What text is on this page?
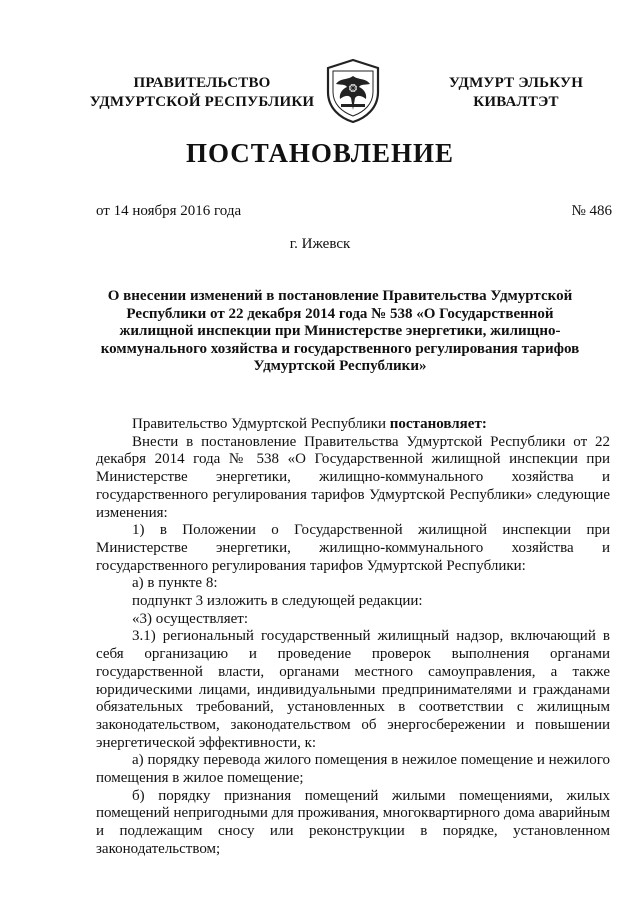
ПРАВИТЕЛЬСТВО
УДМУРТСКОЙ РЕСПУБЛИКИ
УДМУРТ ЭЛЬКУН
КИВАЛТЭТ
ПОСТАНОВЛЕНИЕ
от 14 ноября 2016 года	№ 486
г. Ижевск
О внесении изменений в постановление Правительства Удмуртской Республики от 22 декабря 2014 года № 538 «О Государственной жилищной инспекции при Министерстве энергетики, жилищно-коммунального хозяйства и государственного регулирования тарифов Удмуртской Республики»

Правительство Удмуртской Республики постановляет:

Внести в постановление Правительства Удмуртской Республики от 22 декабря 2014 года № 538 «О Государственной жилищной инспекции при Министерстве энергетики, жилищно-коммунального хозяйства и государственного регулирования тарифов Удмуртской Республики» следующие изменения:

1) в Положении о Государственной жилищной инспекции при Министерстве энергетики, жилищно-коммунального хозяйства и государственного регулирования тарифов Удмуртской Республики:

а) в пункте 8:

подпункт 3 изложить в следующей редакции:

«3) осуществляет:

3.1) региональный государственный жилищный надзор, включающий в себя организацию и проведение проверок выполнения органами государственной власти, органами местного самоуправления, а также юридическими лицами, индивидуальными предпринимателями и гражданами обязательных требований, установленных в соответствии с жилищным законодательством, законодательством об энергосбережении и повышении энергетической эффективности, к:

а) порядку перевода жилого помещения в нежилое помещение и нежилого помещения в жилое помещение;

б) порядку признания помещений жилыми помещениями, жилых помещений непригодными для проживания, многоквартирного дома аварийным и подлежащим сносу или реконструкции в порядке, установленном законодательством;
